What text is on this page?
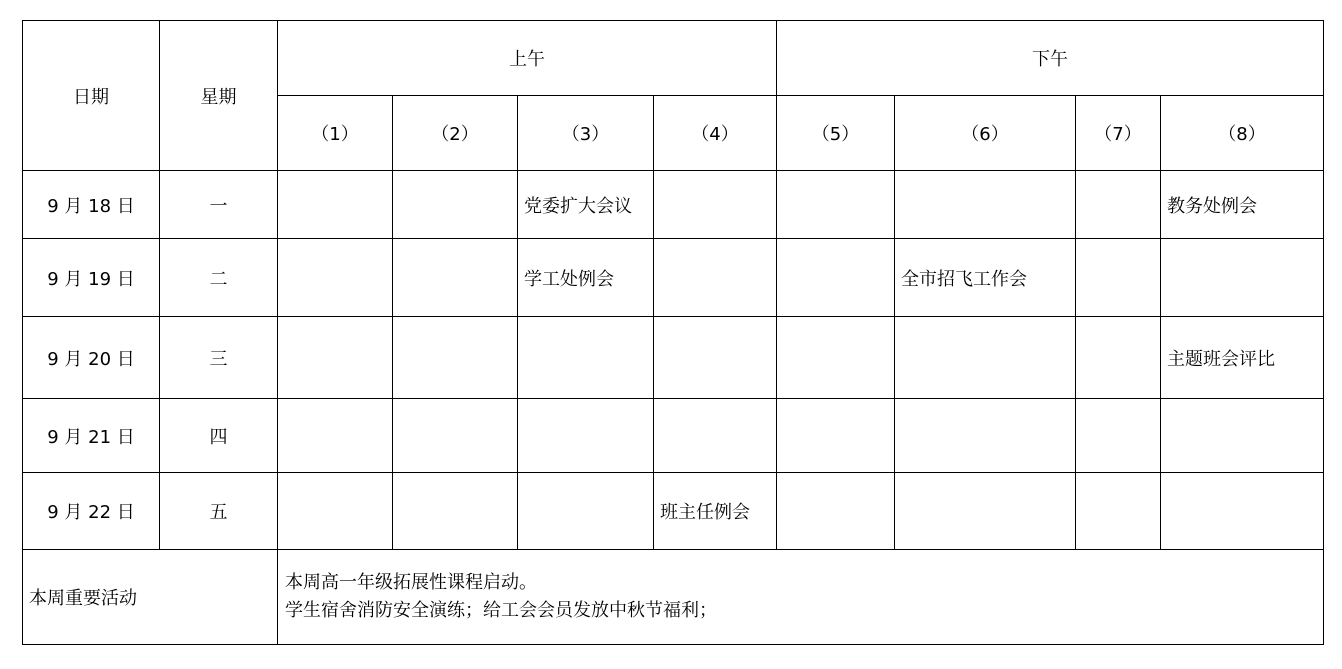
日期	星期	上午				下午			
		（1）	（2）	（3）	（4）	（5）	（6）	（7）	（8）
9 月 18 日	一			党委扩大会议					教务处例会
9 月 19 日	二			学工处例会			全市招飞工作会		
9 月 20 日	三								主题班会评比
9 月 21 日	四								
9 月 22 日	五				班主任例会				
本周重要活动		本周高一年级拓展性课程启动。
学生宿舍消防安全演练；给工会会员发放中秋节福利；							
